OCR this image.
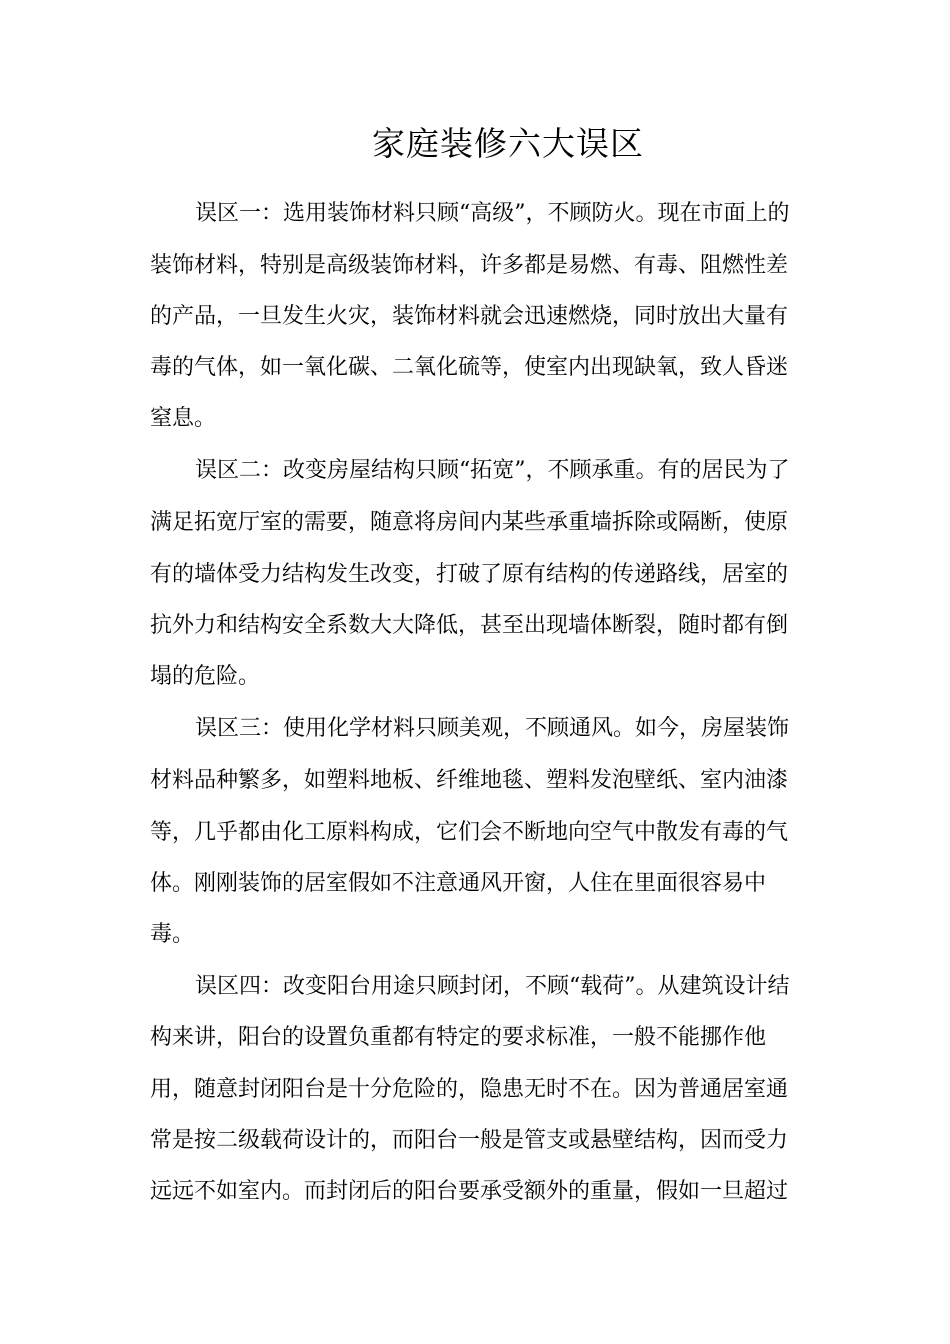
家庭装修六大误区
误区一：选用装饰材料只顾“高级”，不顾防火。现在市面上的
装饰材料，特别是高级装饰材料，许多都是易燃、有毒、阻燃性差
的产品，一旦发生火灾，装饰材料就会迅速燃烧，同时放出大量有
毒的气体，如一氧化碳、二氧化硫等，使室内出现缺氧，致人昏迷
窒息。
误区二：改变房屋结构只顾“拓宽”，不顾承重。有的居民为了
满足拓宽厅室的需要，随意将房间内某些承重墙拆除或隔断，使原
有的墙体受力结构发生改变，打破了原有结构的传递路线，居室的
抗外力和结构安全系数大大降低，甚至出现墙体断裂，随时都有倒
塌的危险。
误区三：使用化学材料只顾美观，不顾通风。如今，房屋装饰
材料品种繁多，如塑料地板、纤维地毯、塑料发泡壁纸、室内油漆
等，几乎都由化工原料构成，它们会不断地向空气中散发有毒的气
体。刚刚装饰的居室假如不注意通风开窗，人住在里面很容易中
毒。
误区四：改变阳台用途只顾封闭，不顾“载荷”。从建筑设计结
构来讲，阳台的设置负重都有特定的要求标准，一般不能挪作他
用，随意封闭阳台是十分危险的，隐患无时不在。因为普通居室通
常是按二级载荷设计的，而阳台一般是管支或悬壁结构，因而受力
远远不如室内。而封闭后的阳台要承受额外的重量，假如一旦超过
